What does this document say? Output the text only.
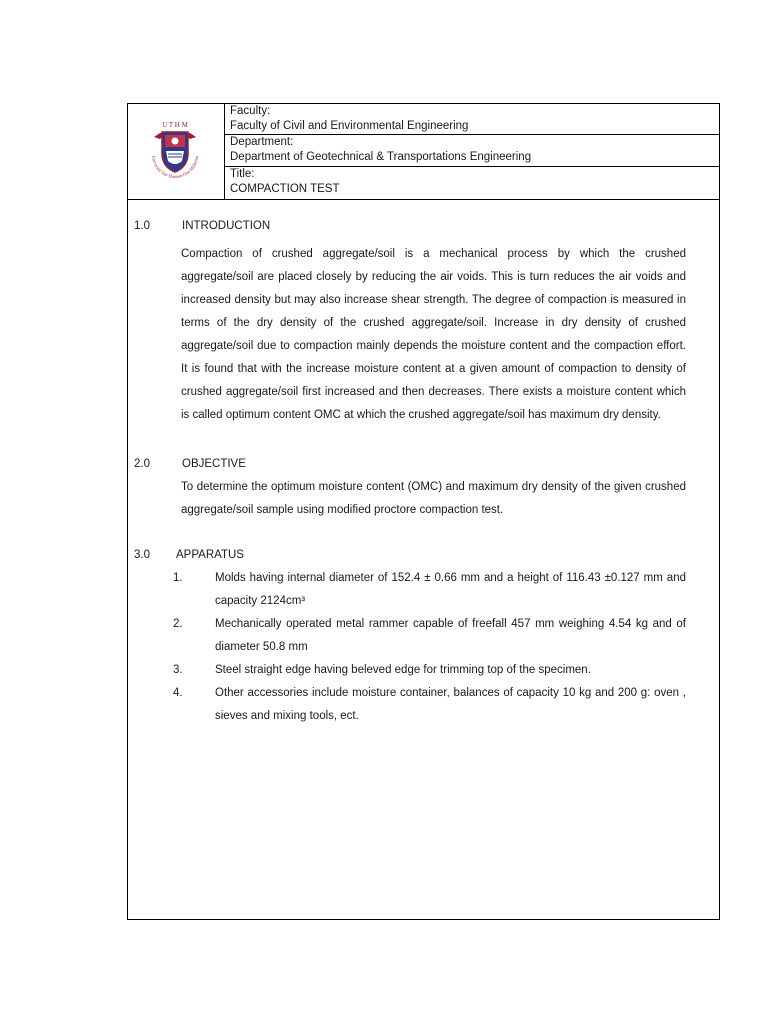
U T H M
Universiti Tun Hussein Onn Malaysia
Faculty:
Faculty of Civil and Environmental Engineering
Department:
Department of Geotechnical & Transportations Engineering
Title:
COMPACTION TEST
1.0	INTRODUCTION
Compaction of crushed aggregate/soil is a mechanical process by which the crushed aggregate/soil are placed closely by reducing the air voids. This is turn reduces the air voids and increased density but may also increase shear strength. The degree of compaction is measured in terms of the dry density of the crushed aggregate/soil. Increase in dry density of crushed aggregate/soil due to compaction mainly depends the moisture content and the compaction effort. It is found that with the increase moisture content at a given amount of compaction to density of crushed aggregate/soil first increased and then decreases. There exists a moisture content which is called optimum content OMC at which the crushed aggregate/soil has maximum dry density.
2.0	OBJECTIVE
To determine the optimum moisture content (OMC) and maximum dry density of the given crushed aggregate/soil sample using modified proctore compaction test.
3.0 APPARATUS
1.	Molds having internal diameter of 152.4 ± 0.66 mm and a height of 116.43 ±0.127 mm and capacity 2124cm³
2.	Mechanically operated metal rammer capable of freefall 457 mm weighing 4.54 kg and of diameter 50.8 mm
3.	Steel straight edge having beleved edge for trimming top of the specimen.
4.	Other accessories include moisture container, balances of capacity 10 kg and 200 g: oven , sieves and mixing tools, ect.
